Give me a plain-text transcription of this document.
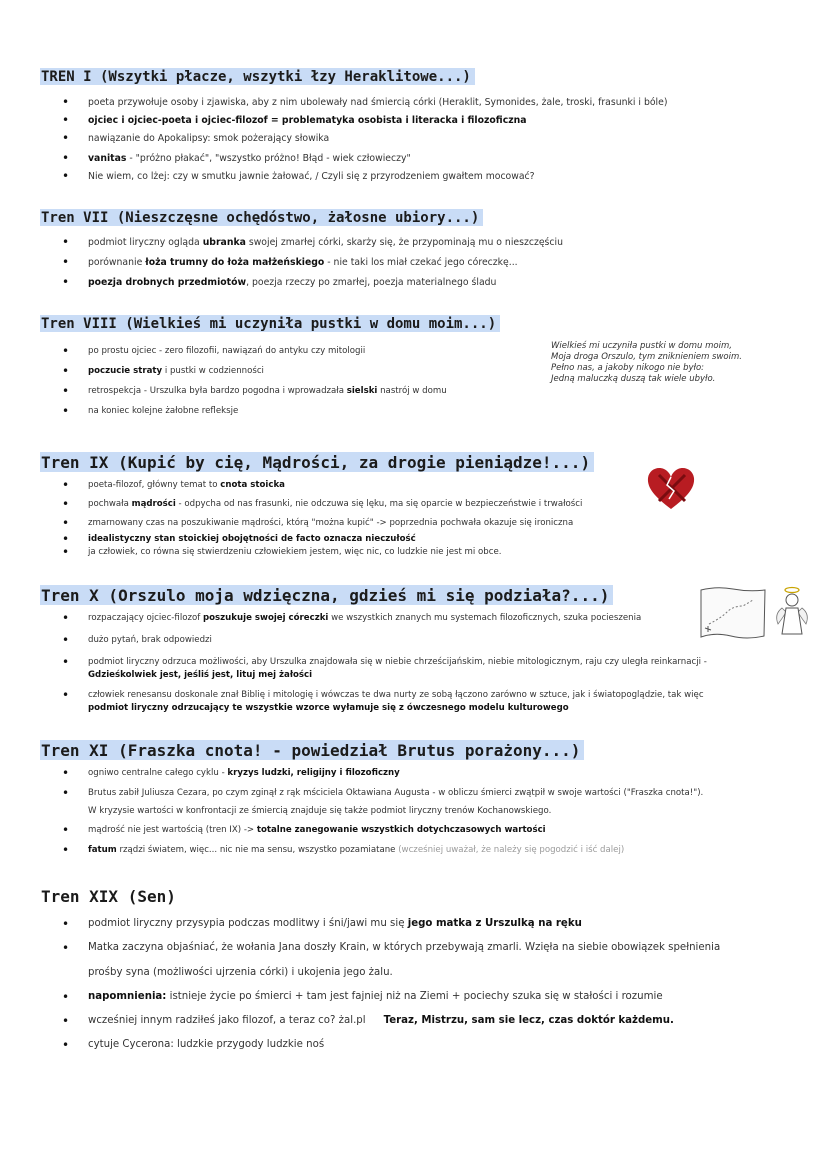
TREN I (Wszytki płacze, wszytki łzy Heraklitowe...)
• poeta przywołuje osoby i zjawiska, aby z nim ubolewały nad śmiercią córki (Heraklit, Symonides, żale, troski, frasunki i bóle)
• ojciec i ojciec-poeta i ojciec-filozof = problematyka osobista i literacka i filozoficzna
• nawiązanie do Apokalipsy: smok pożerający słowika
• vanitas - "próżno płakać", "wszystko próżno! Błąd - wiek człowieczy"
• Nie wiem, co lżej: czy w smutku jawnie żałować, / Czyli się z przyrodzeniem gwałtem mocować?
Tren VII (Nieszczęsne ochędóstwo, żałosne ubiory...)
• podmiot liryczny ogląda ubranka swojej zmarłej córki, skarży się, że przypominają mu o nieszczęściu
• porównanie łoża trumny do łoża małżeńskiego - nie taki los miał czekać jego córeczkę...
• poezja drobnych przedmiotów, poezja rzeczy po zmarłej, poezja materialnego śladu
Tren VIII (Wielkieś mi uczyniła pustki w domu moim...)
• po prostu ojciec - zero filozofii, nawiązań do antyku czy mitologii
• poczucie straty i pustki w codzienności
• retrospekcja - Urszulka była bardzo pogodna i wprowadzała sielski nastrój w domu
• na koniec kolejne żałobne refleksje
Wielkieś mi uczyniła pustki w domu moim,
Moja droga Orszulo, tym zniknieniem swoim.
Pełno nas, a jakoby nikogo nie było:
Jedną maluczką duszą tak wiele ubyło.
Tren IX (Kupić by cię, Mądrości, za drogie pieniądze!...)
• poeta-filozof, główny temat to cnota stoicka
• pochwała mądrości - odpycha od nas frasunki, nie odczuwa się lęku, ma się oparcie w bezpieczeństwie i trwałości
• zmarnowany czas na poszukiwanie mądrości, którą "można kupić" -> poprzednia pochwała okazuje się ironiczna
• idealistyczny stan stoickiej obojętności de facto oznacza nieczułość
• ja człowiek, co równa się stwierdzeniu człowiekiem jestem, więc nic, co ludzkie nie jest mi obce.
Tren X (Orszulo moja wdzięczna, gdzieś mi się podziała?...)
• rozpaczający ojciec-filozof poszukuje swojej córeczki we wszystkich znanych mu systemach filozoficznych, szuka pocieszenia
• dużo pytań, brak odpowiedzi
• podmiot liryczny odrzuca możliwości, aby Urszulka znajdowała się w niebie chrześcijańskim, niebie mitologicznym, raju czy uległa reinkarnacji -
Gdzieśkolwiek jest, jeśliś jest, lituj mej żałości
• człowiek renesansu doskonale znał Biblię i mitologię i wówczas te dwa nurty ze sobą łączono zarówno w sztuce, jak i światopoglądzie, tak więc
podmiot liryczny odrzucający te wszystkie wzorce wyłamuje się z ówczesnego modelu kulturowego
Tren XI (Fraszka cnota! - powiedział Brutus porażony...)
• ogniwo centralne całego cyklu - kryzys ludzki, religijny i filozoficzny
• Brutus zabił Juliusza Cezara, po czym zginął z rąk mściciela Oktawiana Augusta - w obliczu śmierci zwątpił w swoje wartości ("Fraszka cnota!").
W kryzysie wartości w konfrontacji ze śmiercią znajduje się także podmiot liryczny trenów Kochanowskiego.
• mądrość nie jest wartością (tren IX) -> totalne zanegowanie wszystkich dotychczasowych wartości
• fatum rządzi światem, więc... nic nie ma sensu, wszystko pozamiatane (wcześniej uważał, że należy się pogodzić i iść dalej)
Tren XIX (Sen)
• podmiot liryczny przysypia podczas modlitwy i śni/jawi mu się jego matka z Urszulką na ręku
• Matka zaczyna objaśniać, że wołania Jana doszły Krain, w których przebywają zmarli. Wzięła na siebie obowiązek spełnienia
prośby syna (możliwości ujrzenia córki) i ukojenia jego żalu.
• napomnienia: istnieje życie po śmierci + tam jest fajniej niż na Ziemi + pociechy szuka się w stałości i rozumie
• wcześniej innym radziłeś jako filozof, a teraz co? żal.pl Teraz, Mistrzu, sam sie lecz, czas doktór każdemu.
• cytuje Cycerona: ludzkie przygody ludzkie noś
